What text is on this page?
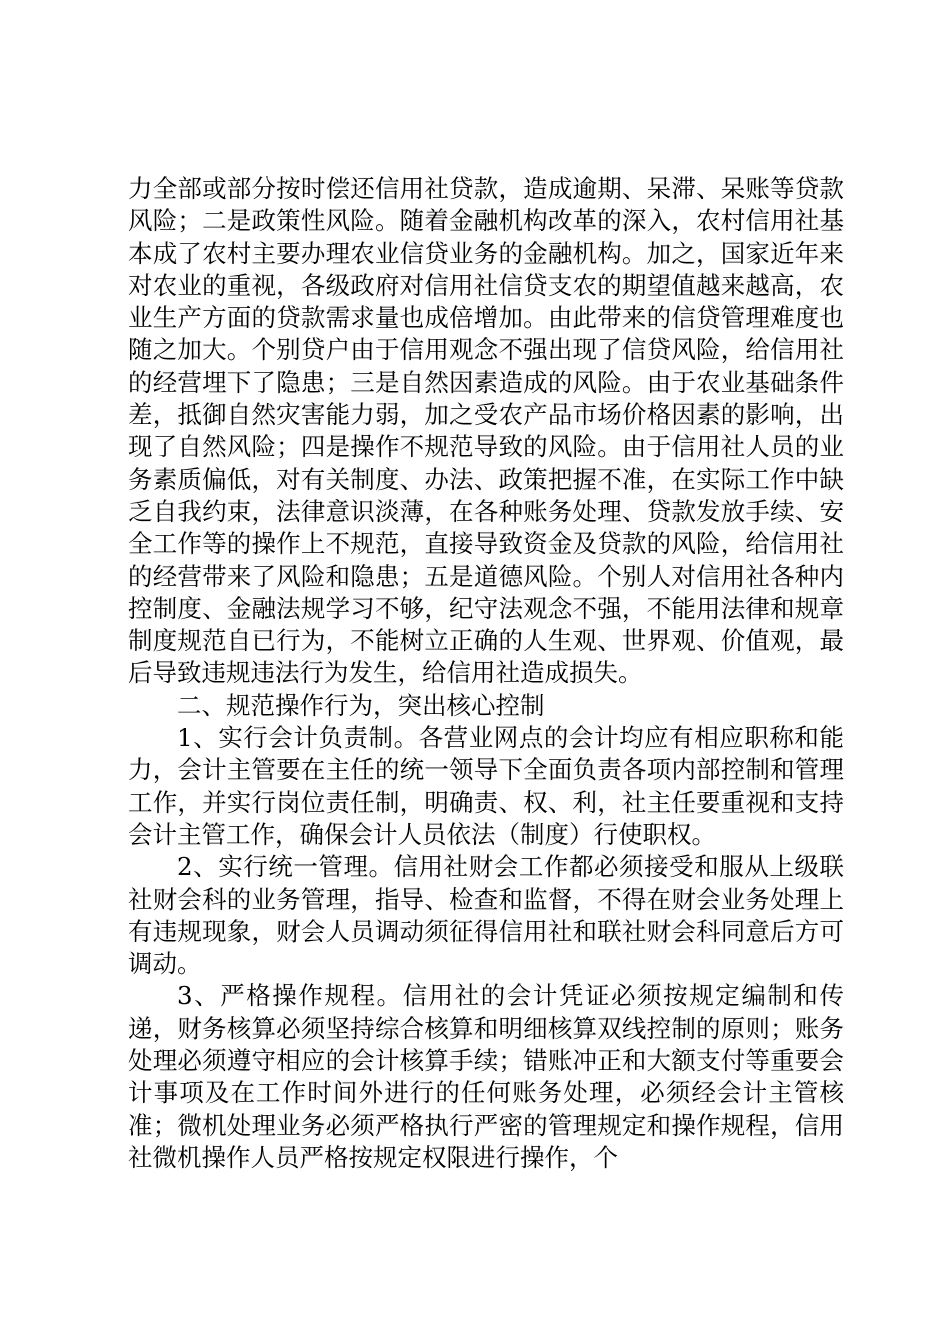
力全部或部分按时偿还信用社贷款，造成逾期、呆滞、呆账等贷款风险；二是政策性风险。随着金融机构改革的深入，农村信用社基本成了农村主要办理农业信贷业务的金融机构。加之，国家近年来对农业的重视，各级政府对信用社信贷支农的期望值越来越高，农业生产方面的贷款需求量也成倍增加。由此带来的信贷管理难度也随之加大。个别贷户由于信用观念不强出现了信贷风险，给信用社的经营埋下了隐患；三是自然因素造成的风险。由于农业基础条件差，抵御自然灾害能力弱，加之受农产品市场价格因素的影响，出现了自然风险；四是操作不规范导致的风险。由于信用社人员的业务素质偏低，对有关制度、办法、政策把握不准，在实际工作中缺乏自我约束，法律意识淡薄，在各种账务处理、贷款发放手续、安全工作等的操作上不规范，直接导致资金及贷款的风险，给信用社的经营带来了风险和隐患；五是道德风险。个别人对信用社各种内控制度、金融法规学习不够，纪守法观念不强，不能用法律和规章制度规范自已行为，不能树立正确的人生观、世界观、价值观，最后导致违规违法行为发生，给信用社造成损失。

二、规范操作行为，突出核心控制

1、实行会计负责制。各营业网点的会计均应有相应职称和能力，会计主管要在主任的统一领导下全面负责各项内部控制和管理工作，并实行岗位责任制，明确责、权、利，社主任要重视和支持会计主管工作，确保会计人员依法（制度）行使职权。

2、实行统一管理。信用社财会工作都必须接受和服从上级联社财会科的业务管理，指导、检查和监督，不得在财会业务处理上有违规现象，财会人员调动须征得信用社和联社财会科同意后方可调动。

3、严格操作规程。信用社的会计凭证必须按规定编制和传递，财务核算必须坚持综合核算和明细核算双线控制的原则；账务处理必须遵守相应的会计核算手续；错账冲正和大额支付等重要会计事项及在工作时间外进行的任何账务处理，必须经会计主管核准；微机处理业务必须严格执行严密的管理规定和操作规程，信用社微机操作人员严格按规定权限进行操作，个
